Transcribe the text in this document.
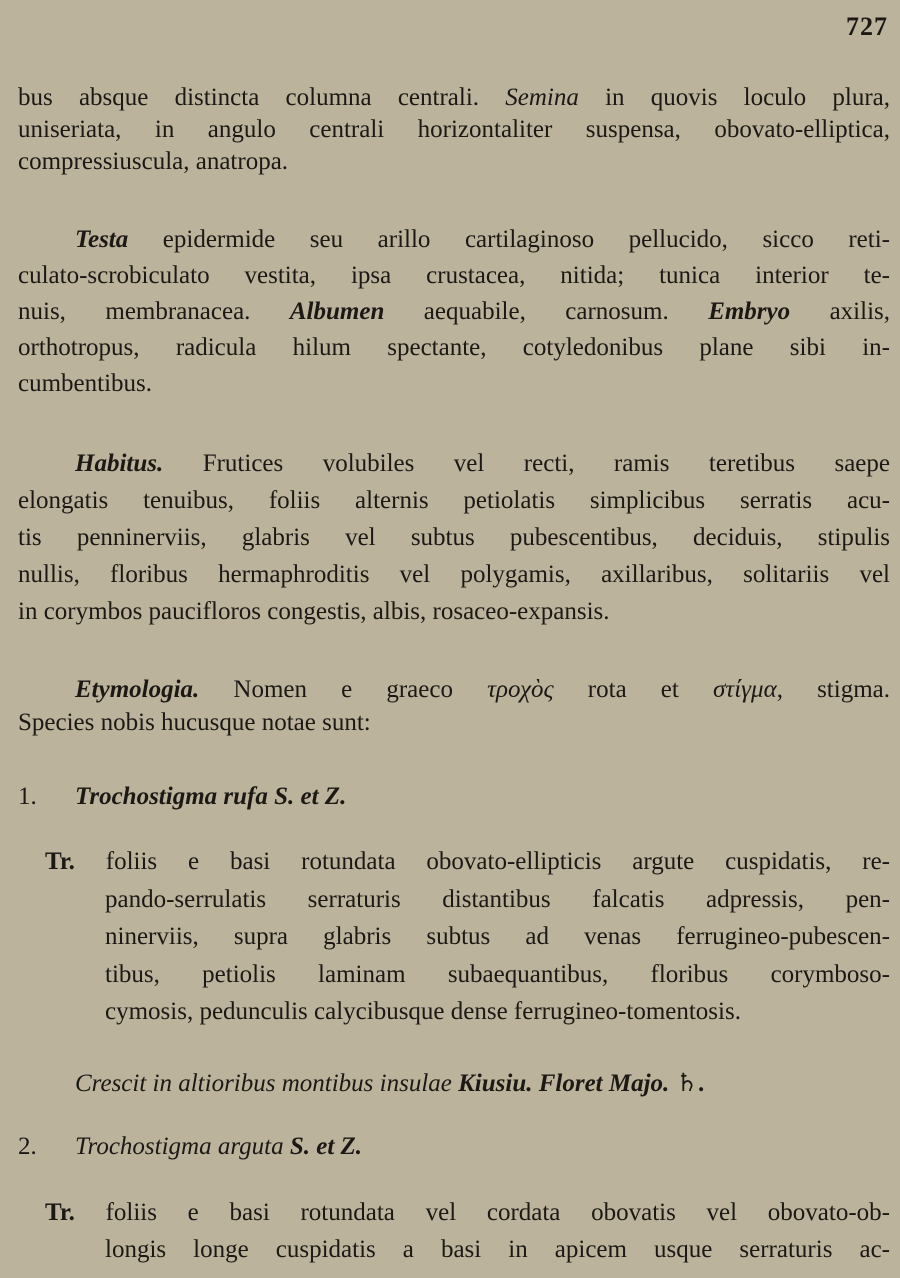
727
bus absque distincta columna centrali. Semina in quovis loculo plura,
uniseriata, in angulo centrali horizontaliter suspensa, obovato-elliptica,
compressiuscula, anatropa.
Testa epidermide seu arillo cartilaginoso pellucido, sicco reti-
culato-scrobiculato vestita, ipsa crustacea, nitida; tunica interior te-
nuis, membranacea. Albumen aequabile, carnosum. Embryo axilis,
orthotropus, radicula hilum spectante, cotyledonibus plane sibi in-
cumbentibus.
Habitus. Frutices volubiles vel recti, ramis teretibus saepe
elongatis tenuibus, foliis alternis petiolatis simplicibus serratis acu-
tis penninerviis, glabris vel subtus pubescentibus, deciduis, stipulis
nullis, floribus hermaphroditis vel polygamis, axillaribus, solitariis vel
in corymbos paucifloros congestis, albis, rosaceo-expansis.
Etymologia. Nomen e graeco τροχὸς rota et στίγμα, stigma.
Species nobis hucusque notae sunt:
1. Trochostigma rufa S. et Z.
Tr. foliis e basi rotundata obovato-ellipticis argute cuspidatis, re-
pando-serrulatis serraturis distantibus falcatis adpressis, pen-
ninerviis, supra glabris subtus ad venas ferrugineo-pubescen-
tibus, petiolis laminam subaequantibus, floribus corymboso-
cymosis, pedunculis calycibusque dense ferrugineo-tomentosis.
Crescit in altioribus montibus insulae Kiusiu. Floret Majo. ♄.
2. Trochostigma arguta S. et Z.
Tr. foliis e basi rotundata vel cordata obovatis vel obovato-ob-
longis longe cuspidatis a basi in apicem usque serraturis ac-
